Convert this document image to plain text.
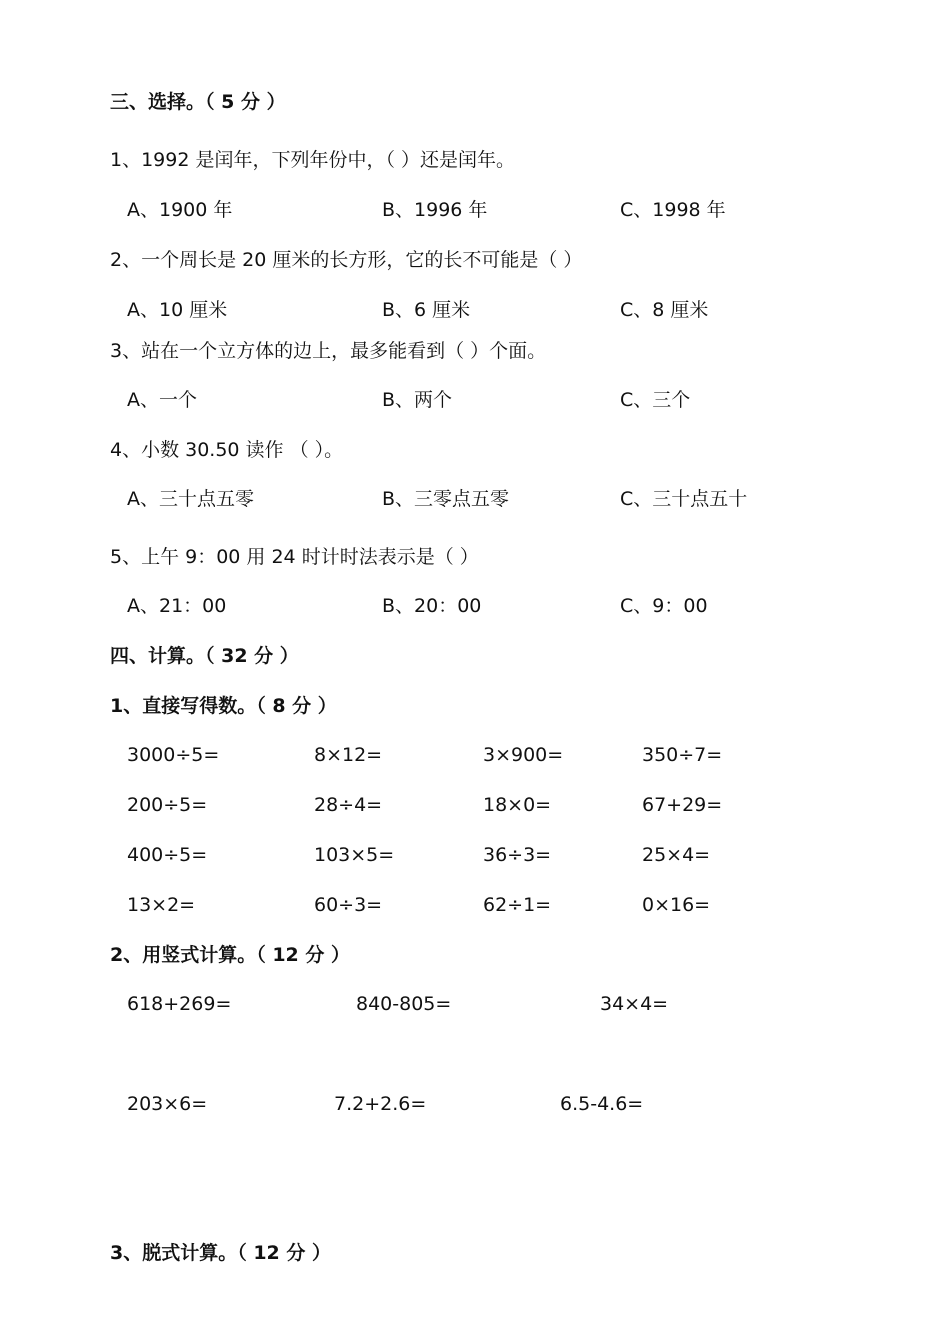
三、选择。（ 5 分 ）

1、1992 是闰年，下列年份中，（ ）还是闰年。

A、1900 年	B、1996 年	C、1998 年

2、一个周长是 20 厘米的长方形，它的长不可能是（ ）

A、10 厘米	B、6 厘米	C、8 厘米

3、站在一个立方体的边上，最多能看到（ ）个面。

A、一个	B、两个	C、三个

4、小数 30.50 读作 （ ）。

A、三十点五零	B、三零点五零	C、三十点五十

5、上午 9：00 用 24 时计时法表示是（ ）

A、21：00	B、20：00	C、9：00

四、计算。（ 32 分 ）

1、直接写得数。（ 8 分 ）

3000÷5=	8×12=	3×900=	350÷7=

200÷5=	28÷4=	18×0=	67+29=

400÷5=	103×5=	36÷3=	25×4=

13×2=	60÷3=	62÷1=	0×16=

2、用竖式计算。（ 12 分 ）

618+269=	840-805=	34×4=

203×6=	7.2+2.6=	6.5-4.6=

3、脱式计算。（ 12 分 ）
